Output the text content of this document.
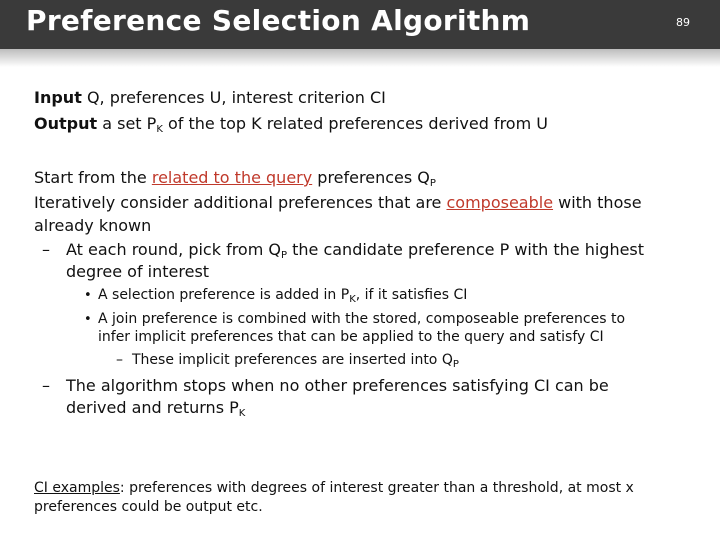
Preference Selection Algorithm	89
Input Q, preferences U, interest criterion CI
Output a set $P_K$ of the top K related preferences derived from U
Start from the related to the query preferences $Q_P$
Iteratively consider additional preferences that are composeable with those
already known
– At each round, pick from $Q_P$ the candidate preference P with the highest
degree of interest
• A selection preference is added in $P_K$, if it satisfies CI
• A join preference is combined with the stored, composeable preferences to
infer implicit preferences that can be applied to the query and satisfy CI
– These implicit preferences are inserted into $Q_P$
– The algorithm stops when no other preferences satisfying CI can be
derived and returns $P_K$
CI examples: preferences with degrees of interest greater than a threshold, at most x
preferences could be output etc.
